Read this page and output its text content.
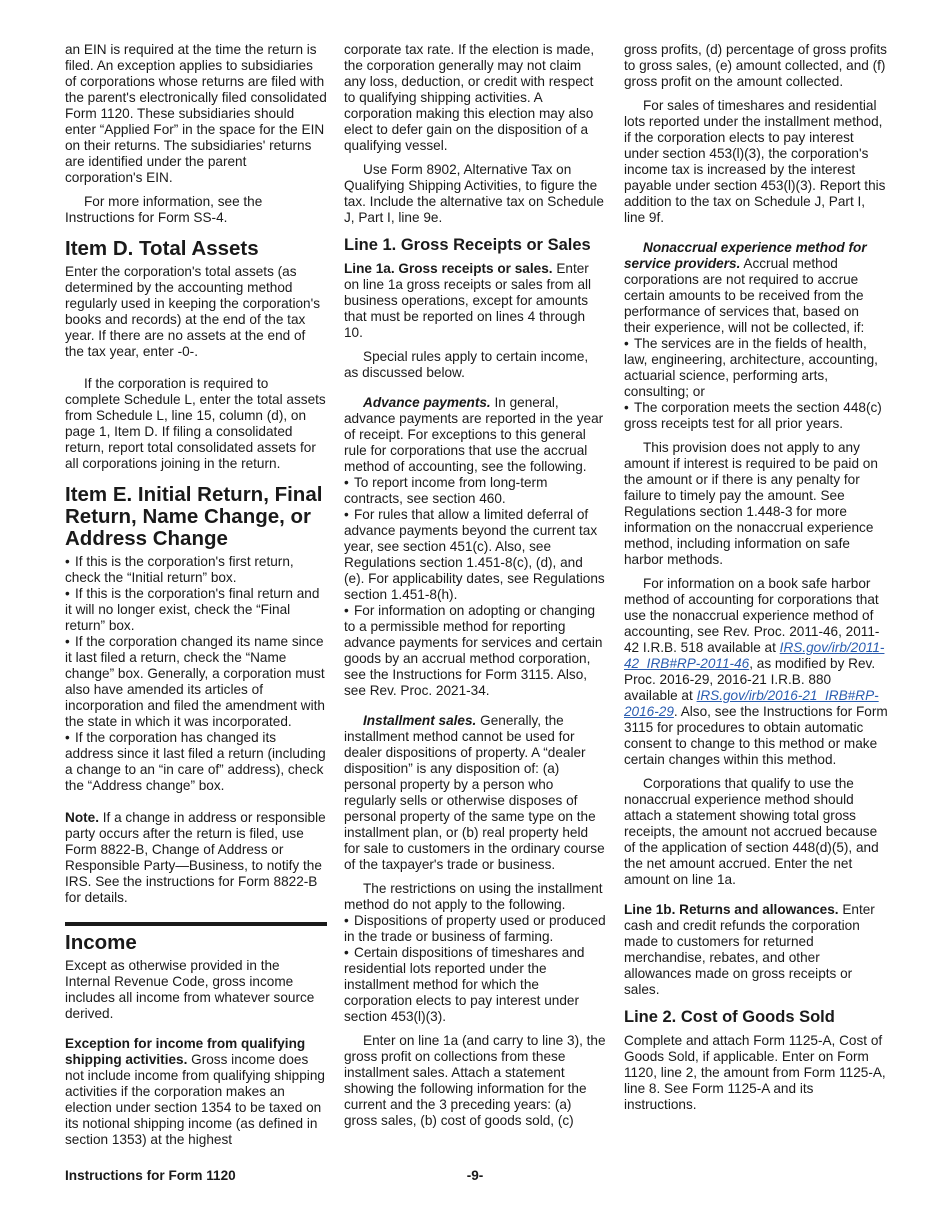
an EIN is required at the time the return is filed. An exception applies to subsidiaries of corporations whose returns are filed with the parent's electronically filed consolidated Form 1120. These subsidiaries should enter “Applied For” in the space for the EIN on their returns. The subsidiaries' returns are identified under the parent corporation's EIN.

For more information, see the Instructions for Form SS-4.

Item D. Total Assets

Enter the corporation's total assets (as determined by the accounting method regularly used in keeping the corporation's books and records) at the end of the tax year. If there are no assets at the end of the tax year, enter -0-.

If the corporation is required to complete Schedule L, enter the total assets from Schedule L, line 15, column (d), on page 1, Item D. If filing a consolidated return, report total consolidated assets for all corporations joining in the return.

Item E. Initial Return, Final Return, Name Change, or Address Change
• If this is the corporation's first return, check the “Initial return” box.
• If this is the corporation's final return and it will no longer exist, check the “Final return” box.
• If the corporation changed its name since it last filed a return, check the “Name change” box. Generally, a corporation must also have amended its articles of incorporation and filed the amendment with the state in which it was incorporated.
• If the corporation has changed its address since it last filed a return (including a change to an “in care of” address), check the “Address change” box.

Note. If a change in address or responsible party occurs after the return is filed, use Form 8822-B, Change of Address or Responsible Party—Business, to notify the IRS. See the instructions for Form 8822-B for details.

Income

Except as otherwise provided in the Internal Revenue Code, gross income includes all income from whatever source derived.

Exception for income from qualifying shipping activities. Gross income does not include income from qualifying shipping activities if the corporation makes an election under section 1354 to be taxed on its notional shipping income (as defined in section 1353) at the highest

corporate tax rate. If the election is made, the corporation generally may not claim any loss, deduction, or credit with respect to qualifying shipping activities. A corporation making this election may also elect to defer gain on the disposition of a qualifying vessel.

Use Form 8902, Alternative Tax on Qualifying Shipping Activities, to figure the tax. Include the alternative tax on Schedule J, Part I, line 9e.

Line 1. Gross Receipts or Sales

Line 1a. Gross receipts or sales. Enter on line 1a gross receipts or sales from all business operations, except for amounts that must be reported on lines 4 through 10.

Special rules apply to certain income, as discussed below.

Advance payments. In general, advance payments are reported in the year of receipt. For exceptions to this general rule for corporations that use the accrual method of accounting, see the following.

• To report income from long-term contracts, see section 460.
• For rules that allow a limited deferral of advance payments beyond the current tax year, see section 451(c). Also, see Regulations section 1.451-8(c), (d), and (e). For applicability dates, see Regulations section 1.451-8(h).
• For information on adopting or changing to a permissible method for reporting advance payments for services and certain goods by an accrual method corporation, see the Instructions for Form 3115. Also, see Rev. Proc. 2021-34.

Installment sales. Generally, the installment method cannot be used for dealer dispositions of property. A “dealer disposition” is any disposition of: (a) personal property by a person who regularly sells or otherwise disposes of personal property of the same type on the installment plan, or (b) real property held for sale to customers in the ordinary course of the taxpayer's trade or business.

The restrictions on using the installment method do not apply to the following.

• Dispositions of property used or produced in the trade or business of farming.
• Certain dispositions of timeshares and residential lots reported under the installment method for which the corporation elects to pay interest under section 453(l)(3).

Enter on line 1a (and carry to line 3), the gross profit on collections from these installment sales. Attach a statement showing the following information for the current and the 3 preceding years: (a) gross sales, (b) cost of goods sold, (c)

gross profits, (d) percentage of gross profits to gross sales, (e) amount collected, and (f) gross profit on the amount collected.

For sales of timeshares and residential lots reported under the installment method, if the corporation elects to pay interest under section 453(l)(3), the corporation's income tax is increased by the interest payable under section 453(l)(3). Report this addition to the tax on Schedule J, Part I, line 9f.

Nonaccrual experience method for service providers. Accrual method corporations are not required to accrue certain amounts to be received from the performance of services that, based on their experience, will not be collected, if:

• The services are in the fields of health, law, engineering, architecture, accounting, actuarial science, performing arts, consulting; or
• The corporation meets the section 448(c) gross receipts test for all prior years.

This provision does not apply to any amount if interest is required to be paid on the amount or if there is any penalty for failure to timely pay the amount. See Regulations section 1.448-3 for more information on the nonaccrual experience method, including information on safe harbor methods.

For information on a book safe harbor method of accounting for corporations that use the nonaccrual experience method of accounting, see Rev. Proc. 2011-46, 2011-42 I.R.B. 518 available at IRS.gov/irb/2011-42_IRB#RP-2011-46, as modified by Rev. Proc. 2016-29, 2016-21 I.R.B. 880 available at IRS.gov/irb/2016-21_IRB#RP-2016-29. Also, see the Instructions for Form 3115 for procedures to obtain automatic consent to change to this method or make certain changes within this method.

Corporations that qualify to use the nonaccrual experience method should attach a statement showing total gross receipts, the amount not accrued because of the application of section 448(d)(5), and the net amount accrued. Enter the net amount on line 1a.

Line 1b. Returns and allowances. Enter cash and credit refunds the corporation made to customers for returned merchandise, rebates, and other allowances made on gross receipts or sales.

Line 2. Cost of Goods Sold

Complete and attach Form 1125-A, Cost of Goods Sold, if applicable. Enter on Form 1120, line 2, the amount from Form 1125-A, line 8. See Form 1125-A and its instructions.

Instructions for Form 1120	-9-
